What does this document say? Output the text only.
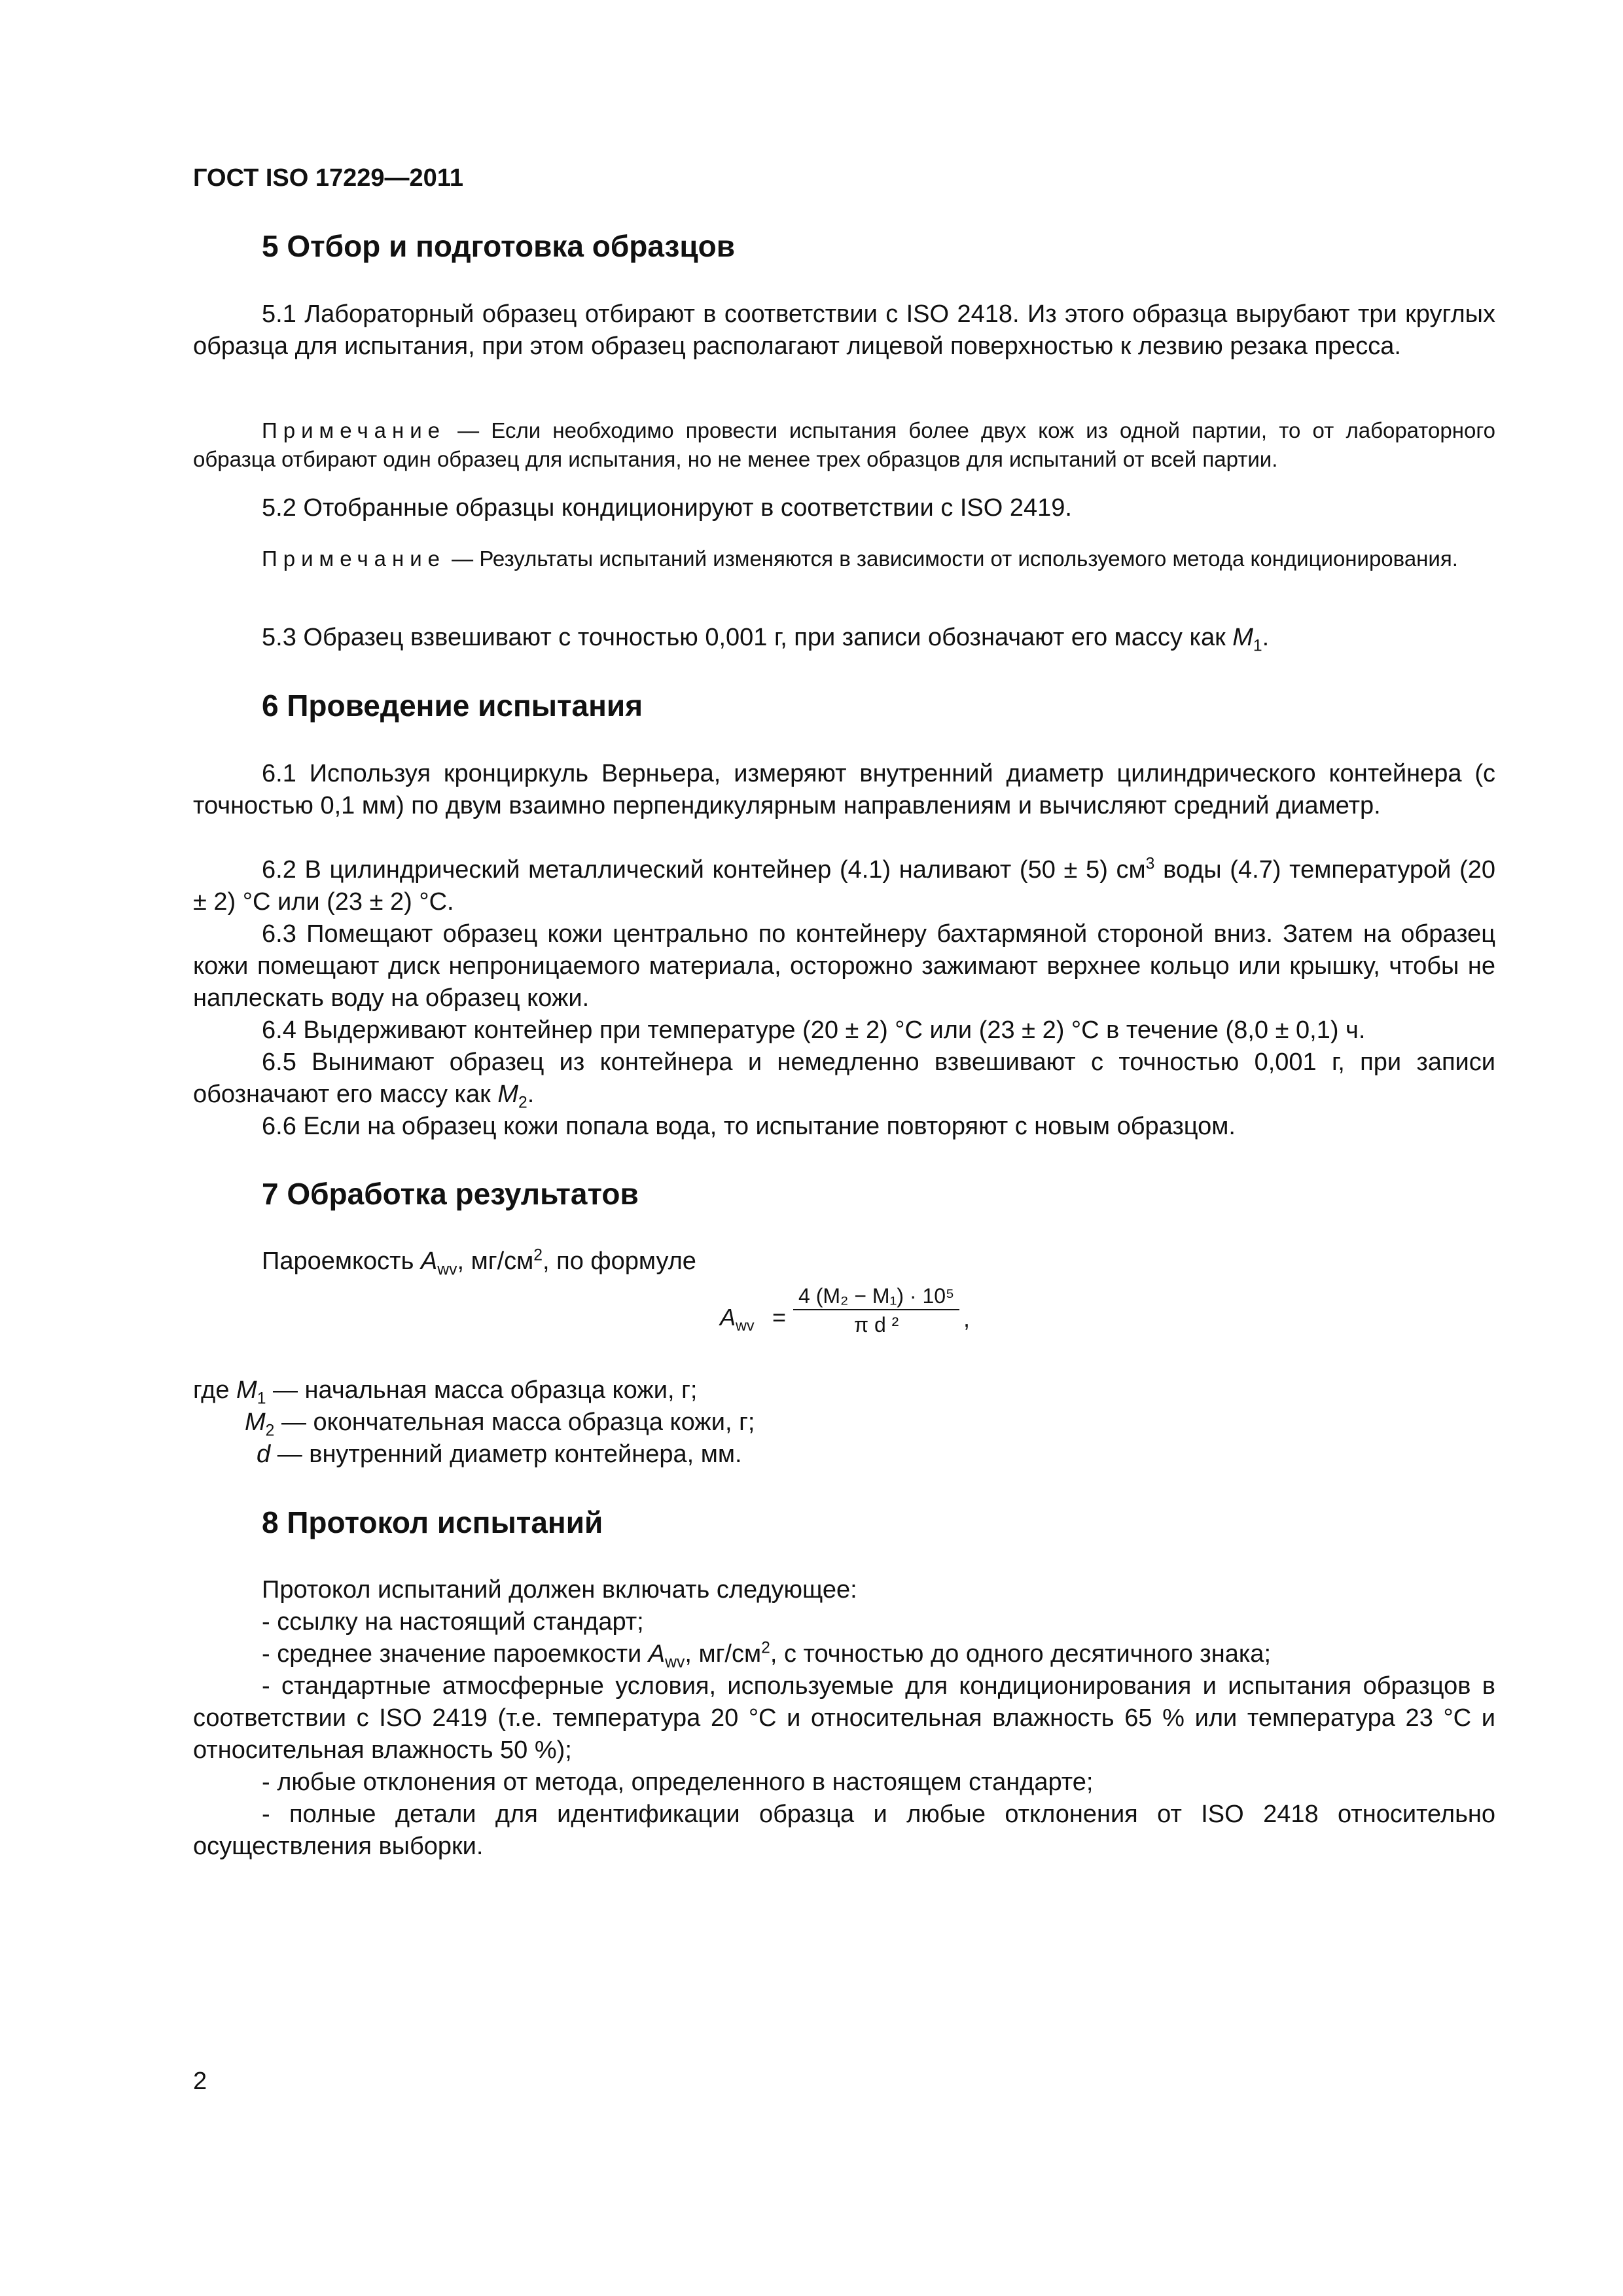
ГОСТ ISO 17229—2011
5 Отбор и подготовка образцов
5.1 Лабораторный образец отбирают в соответствии с ISO 2418. Из этого образца вырубают три круглых образца для испытания, при этом образец располагают лицевой поверхностью к лезвию резака пресса.
Примечание — Если необходимо провести испытания более двух кож из одной партии, то от лабораторного образца отбирают один образец для испытания, но не менее трех образцов для испытаний от всей партии.
5.2 Отобранные образцы кондиционируют в соответствии с ISO 2419.
Примечание — Результаты испытаний изменяются в зависимости от используемого метода кондиционирования.
5.3 Образец взвешивают с точностью 0,001 г, при записи обозначают его массу как $M_1$.
6 Проведение испытания
6.1 Используя кронциркуль Верньера, измеряют внутренний диаметр цилиндрического контейнера (с точностью 0,1 мм) по двум взаимно перпендикулярным направлениям и вычисляют средний диаметр.
6.2 В цилиндрический металлический контейнер (4.1) наливают (50 ± 5) $см^3$ воды (4.7) температурой (20 ± 2) °С или (23 ± 2) °С.
6.3 Помещают образец кожи центрально по контейнеру бахтармяной стороной вниз. Затем на образец кожи помещают диск непроницаемого материала, осторожно зажимают верхнее кольцо или крышку, чтобы не наплескать воду на образец кожи.
6.4 Выдерживают контейнер при температуре (20 ± 2) °С или (23 ± 2) °С в течение (8,0 ± 0,1) ч.
6.5 Вынимают образец из контейнера и немедленно взвешивают с точностью 0,001 г, при записи обозначают его массу как $M_2$.
6.6 Если на образец кожи попала вода, то испытание повторяют с новым образцом.
7 Обработка результатов
Пароемкость $A_{wv}$, $мг/см^2$, по формуле
$A_{wv}$ =
4 (M₂ − M₁) · 10⁵
π d ²	,
где $M_1$ — начальная масса образца кожи, г;
$M_2$ — окончательная масса образца кожи, г;
d — внутренний диаметр контейнера, мм.
8 Протокол испытаний
Протокол испытаний должен включать следующее:
- ссылку на настоящий стандарт;
- среднее значение пароемкости $A_{wv}$, $мг/см^2$, с точностью до одного десятичного знака;
- стандартные атмосферные условия, используемые для кондиционирования и испытания образцов в соответствии с ISO 2419 (т.е. температура 20 °С и относительная влажность 65 % или температура 23 °С и относительная влажность 50 %);
- любые отклонения от метода, определенного в настоящем стандарте;
- полные детали для идентификации образца и любые отклонения от ISO 2418 относительно осуществления выборки.
2
